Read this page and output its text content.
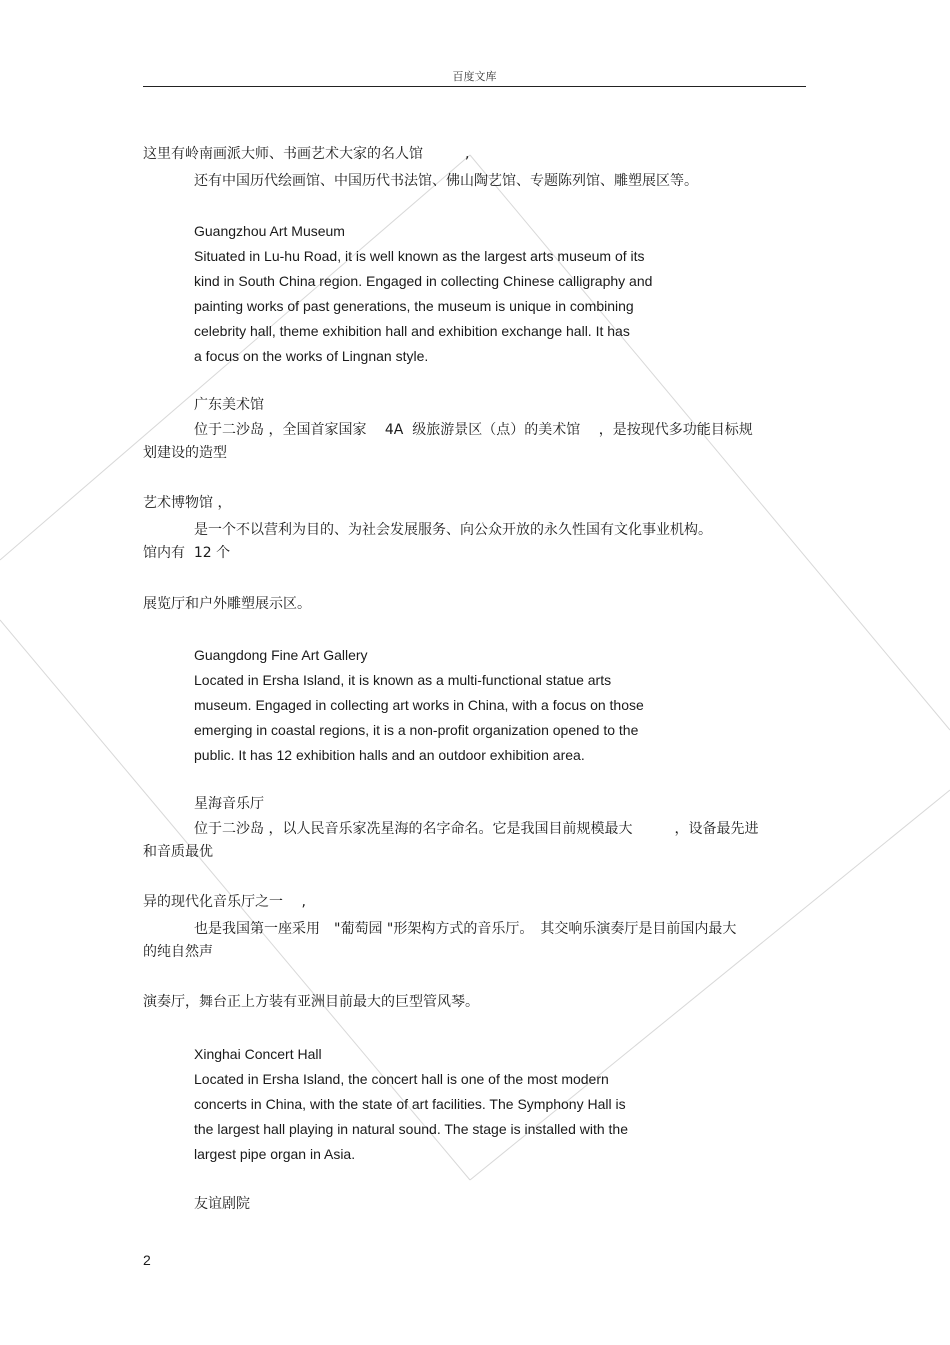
百度文库
这里有岭南画派大师、书画艺术大家的名人馆　　　,
还有中国历代绘画馆、中国历代书法馆、佛山陶艺馆、专题陈列馆、雕塑展区等。
Guangzhou Art Museum
Situated in Lu-hu Road, it is well known as the largest arts museum of its
kind in South China region. Engaged in collecting Chinese calligraphy and
painting works of past generations, the museum is unique in combining
celebrity hall, theme exhibition hall and exhibition exchange hall. It has
a focus on the works of Lingnan style.
广东美术馆
位于二沙岛 ，全国首家国家　 4A  级旅游景区（点）的美术馆　 ，是按现代多功能目标规
划建设的造型
艺术博物馆 ，
是一个不以营利为目的、为社会发展服务、向公众开放的永久性国有文化事业机构。
馆内有  12 个
展览厅和户外雕塑展示区。
Guangdong Fine Art Gallery
Located in Ersha Island, it is known as a multi-functional statue arts
museum. Engaged in collecting art works in China, with a focus on those
emerging in coastal regions, it is a non-profit organization opened to the
public. It has 12 exhibition halls and an outdoor exhibition area.
星海音乐厅
位于二沙岛 ，以人民音乐家冼星海的名字命名。它是我国目前规模最大　　　，设备最先进
和音质最优
异的现代化音乐厅之一　 ,
也是我国第一座采用　"葡萄园 "形架构方式的音乐厅。　其交响乐演奏厅是目前国内最大
的纯自然声
演奏厅，舞台正上方装有亚洲目前最大的巨型管风琴。
Xinghai Concert Hall
Located in Ersha Island, the concert hall is one of the most modern
concerts in China, with the state of art facilities. The Symphony Hall is
the largest hall playing in natural sound. The stage is installed with the
largest pipe organ in Asia.
友谊剧院
2
